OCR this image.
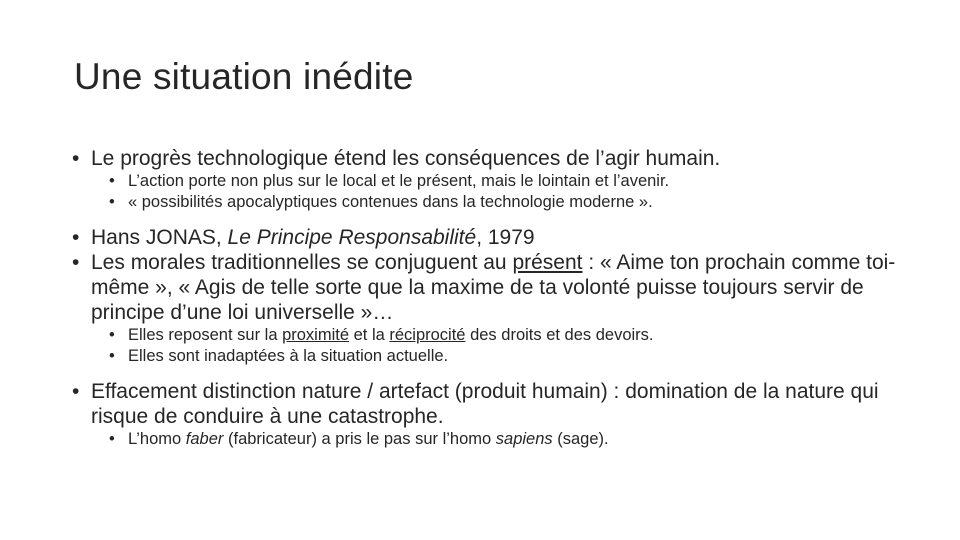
Une situation inédite
• Le progrès technologique étend les conséquences de l’agir humain.
• L’action porte non plus sur le local et le présent, mais le lointain et l’avenir.
• « possibilités apocalyptiques contenues dans la technologie moderne ».
• Hans JONAS, Le Principe Responsabilité, 1979
• Les morales traditionnelles se conjuguent au présent : « Aime ton prochain comme toi-même », « Agis de telle sorte que la maxime de ta volonté puisse toujours servir de principe d’une loi universelle »…
• Elles reposent sur la proximité et la réciprocité des droits et des devoirs.
• Elles sont inadaptées à la situation actuelle.
• Effacement distinction nature / artefact (produit humain) : domination de la nature qui risque de conduire à une catastrophe.
• L’homo faber (fabricateur) a pris le pas sur l’homo sapiens (sage).
